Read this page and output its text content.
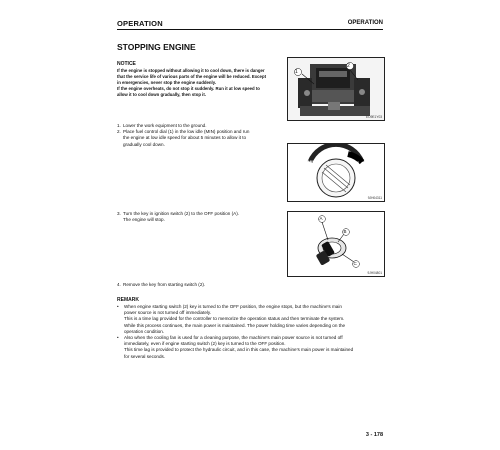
OPERATION	OPERATION
STOPPING ENGINE
NOTICE

If the engine is stopped without allowing it to cool down, there is danger

that the service life of various parts of the engine will be reduced. Except

in emergencies, never stop the engine suddenly.

If the engine overheats, do not stop it suddenly. Run it at low speed to

allow it to cool down gradually, then stop it.

1
2
EO9E1Y03
1. Lower the work equipment to the ground.
2. Place fuel control dial (1) in the low idle (MIN) position and run
the engine at low idle speed for about 5 minutes to allow it to
gradually cool down.
MIN	MAX
9JH04311
3. Turn the key in ignition switch (2) to the OFF position (A).
The engine will stop.	A
B
C
9JH04801
4. Remove the key from starting switch (2).
REMARK
•	When engine starting switch (2) key is turned to the OFF position, the engine stops, but the machine's main
power source is not turned off immediately.
This is a time lag provided for the controller to memorize the operation status and then terminate the system.
While this process continues, the main power is maintained. The power holding time varies depending on the
operation condition.

•	Also when the cooling fan is used for a cleaning purpose, the machine's main power source is not turned off
immediately, even if engine starting switch (2) key is turned to the OFF position.
This time lag is provided to protect the hydraulic circuit, and in this case, the machine's main power is maintained
for several seconds.

3 - 178
